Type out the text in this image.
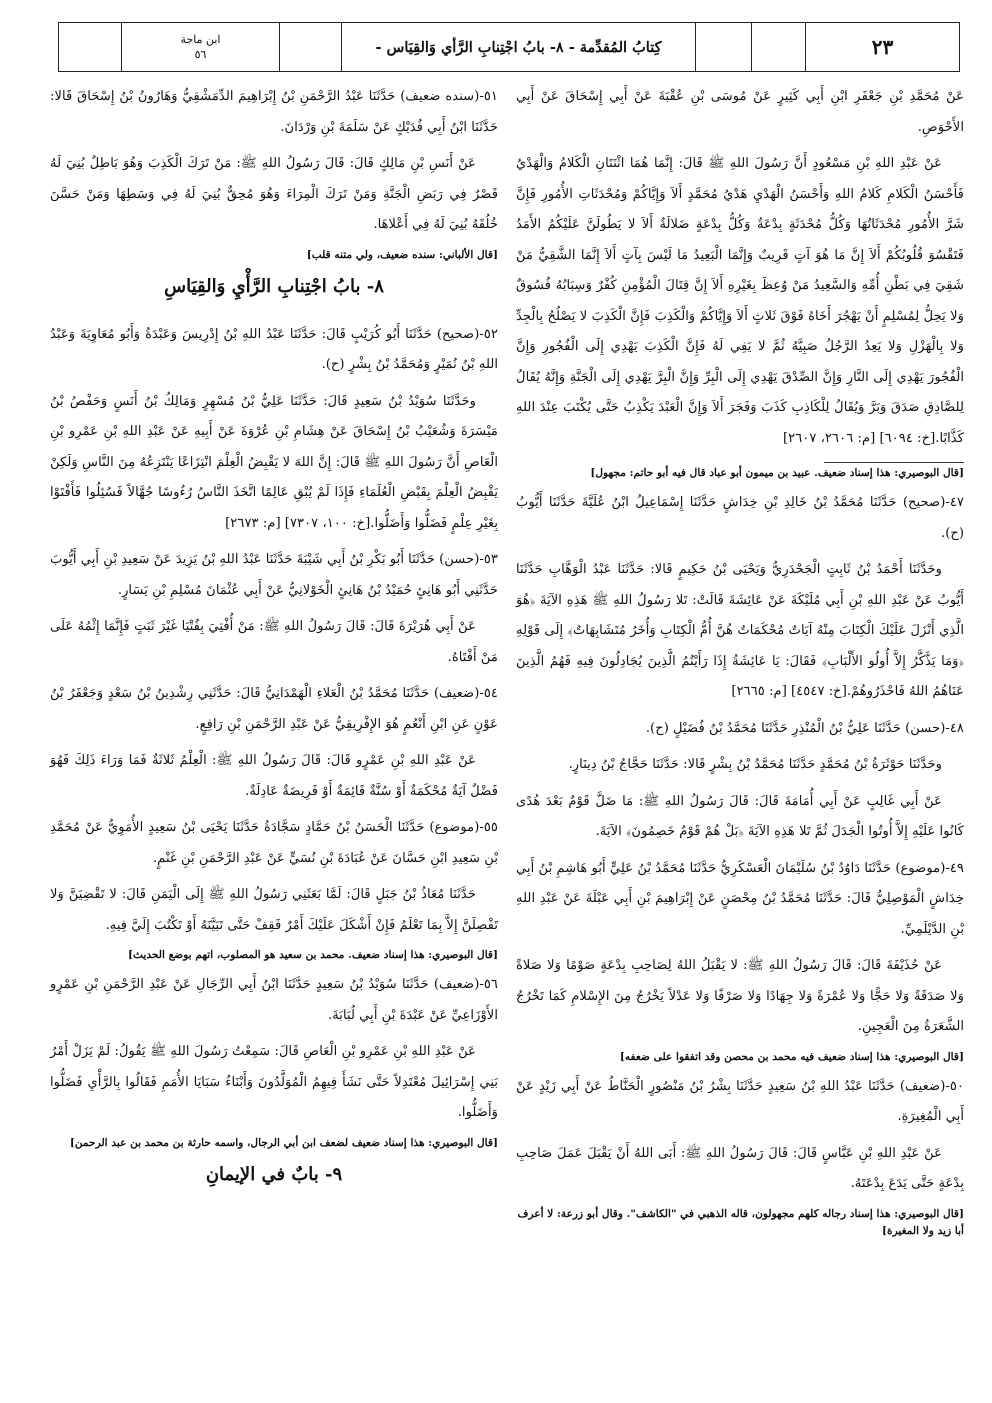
ابن ماجة
٥٦	كِتابُ المُقدِّمة - ٨- بابُ اجْتِنابِ الرَّأي وَالقِيَاس -	٢٣

عَنْ مُحَمَّدِ بْنِ جَعْفَرِ ابْنِ أَبِي كَثِيرٍ عَنْ مُوسَى بْنِ عُقْبَةَ عَنْ أَبِي إِسْحَاقَ عَنْ أَبِي الأَحْوَصِ.

عَنْ عَبْدِ اللهِ بْنِ مَسْعُودٍ أَنَّ رَسُولَ اللهِ ﷺ قَالَ: إِنَّمَا هُمَا اثْنَتَانِ الْكَلامُ وَالْهَدْيُ فَأَحْسَنُ الْكَلامِ كَلامُ اللهِ وَأَحْسَنُ الْهَدْيِ هَدْيُ مُحَمَّدٍ أَلاَ وَإِيَّاكُمْ وَمُحْدَثَاتِ الأُمُورِ فَإِنَّ شَرَّ الأُمُورِ مُحْدَثَاتُهَا وَكُلُّ مُحْدَثَةٍ بِدْعَةٌ وَكُلُّ بِدْعَةٍ ضَلالَةٌ أَلاَ لا يَطُولَنَّ عَلَيْكُمُ الأَمَدُ فَتَقْسُوَ قُلُوبُكُمْ أَلاَ إِنَّ مَا هُوَ آتٍ قَرِيبٌ وَإِنَّمَا الْبَعِيدُ مَا لَيْسَ بِآتٍ أَلاَ إِنَّمَا الشَّقِيُّ مَنْ شَقِيَ فِي بَطْنِ أُمِّهِ وَالسَّعِيدُ مَنْ وُعِظَ بِغَيْرِهِ أَلاَ إِنَّ قِتَالَ الْمُؤْمِنِ كُفْرٌ وَسِبَابُهُ فُسُوقٌ وَلا يَحِلُّ لِمُسْلِمٍ أَنْ يَهْجُرَ أَخَاهُ فَوْقَ ثَلاثٍ أَلاَ وَإِيَّاكُمْ وَالْكَذِبَ فَإِنَّ الْكَذِبَ لا يَصْلُحُ بِالْجِدِّ وَلا بِالْهَزْلِ وَلا يَعِدُ الرَّجُلُ صَبِيَّهُ ثُمَّ لا يَفِي لَهُ فَإِنَّ الْكَذِبَ يَهْدِي إِلَى الْفُجُورِ وَإِنَّ الْفُجُورَ يَهْدِي إِلَى النَّارِ وَإِنَّ الصِّدْقَ يَهْدِي إِلَى الْبِرِّ وَإِنَّ الْبِرَّ يَهْدِي إِلَى الْجَنَّةِ وَإِنَّهُ يُقَالُ لِلصَّادِقِ صَدَقَ وَبَرَّ وَيُقَالُ لِلْكَاذِبِ كَذَبَ وَفَجَرَ أَلاَ وَإِنَّ الْعَبْدَ يَكْذِبُ حَتَّى يُكْتَبَ عِنْدَ اللهِ كَذَّابًا.[خ: ٦٠٩٤] [م: ٢٦٠٦، ٢٦٠٧]

[قال البوصيري: هذا إسناد ضعيف. عبيد بن ميمون أبو عباد قال فيه أبو حاتم: مجهول]

٤٧-(صحيح) حَدَّثَنَا مُحَمَّدُ بْنُ خَالِدِ بْنِ خِدَاشٍ حَدَّثَنَا إِسْمَاعِيلُ ابْنُ عُلَيَّةَ حَدَّثَنَا أَيُّوبُ (ح).

وحَدَّثَنَا أَحْمَدُ بْنُ ثَابِتٍ الْجَحْدَرِيُّ وَيَحْيَى بْنُ حَكِيمٍ قَالا: حَدَّثَنَا عَبْدُ الْوَهَّابِ حَدَّثَنَا أَيُّوبُ عَنْ عَبْدِ اللهِ بْنِ أَبِي مُلَيْكَةَ عَنْ عَائِشَةَ قَالَتْ: تَلا رَسُولُ اللهِ ﷺ هَذِهِ الآيَةَ ﴿هُوَ الَّذِي أَنْزَلَ عَلَيْكَ الْكِتَابَ مِنْهُ آيَاتٌ مُحْكَمَاتٌ هُنَّ أُمُّ الْكِتَابِ وَأُخَرُ مُتَشَابِهَاتٌ﴾ إِلَى قَوْلِهِ ﴿وَمَا يَذَّكَّرُ إِلاَّ أُولُو الأَلْبَابِ﴾ فَقَالَ: يَا عَائِشَةُ إِذَا رَأَيْتُمُ الَّذِينَ يُجَادِلُونَ فِيهِ فَهُمُ الَّذِينَ عَنَاهُمُ اللهُ فَاحْذَرُوهُمْ.[خ: ٤٥٤٧] [م: ٢٦٦٥]

٤٨-(حسن) حَدَّثَنَا عَلِيُّ بْنُ الْمُنْذِرِ حَدَّثَنَا مُحَمَّدُ بْنُ فُضَيْلٍ (ح).

وحَدَّثَنَا حَوْثَرَةُ بْنُ مُحَمَّدٍ حَدَّثَنَا مُحَمَّدُ بْنُ بِشْرٍ قَالا: حَدَّثَنَا حَجَّاجُ بْنُ دِينَارٍ.

عَنْ أَبِي غَالِبٍ عَنْ أَبِي أُمَامَةَ قَالَ: قَالَ رَسُولُ اللهِ ﷺ: مَا ضَلَّ قَوْمٌ بَعْدَ هُدًى كَانُوا عَلَيْهِ إِلاَّ أُوتُوا الْجَدَلَ ثُمَّ تَلا هَذِهِ الآيَةَ ﴿بَلْ هُمْ قَوْمٌ خَصِمُونَ﴾ الآيَةَ.

٤٩-(موضوع) حَدَّثَنَا دَاوُدُ بْنُ سُلَيْمَانَ الْعَسْكَرِيُّ حَدَّثَنَا مُحَمَّدُ بْنُ عَلِيٍّ أَبُو هَاشِمِ بْنُ أَبِي خِدَاشٍ الْمَوْصِلِيُّ قَالَ: حَدَّثَنَا مُحَمَّدُ بْنُ مِحْصَنٍ عَنْ إِبْرَاهِيمَ بْنِ أَبِي عَبْلَةَ عَنْ عَبْدِ اللهِ بْنِ الدَّيْلَمِيِّ.

عَنْ حُذَيْفَةَ قَالَ: قَالَ رَسُولُ اللهِ ﷺ: لا يَقْبَلُ اللهُ لِصَاحِبِ بِدْعَةٍ صَوْمًا وَلا صَلاةً وَلا صَدَقَةً وَلا حَجًّا وَلا عُمْرَةً وَلا جِهَادًا وَلا صَرْفًا وَلا عَدْلاً يَخْرُجُ مِنَ الإِسْلامِ كَمَا تَخْرُجُ الشَّعَرَةُ مِنَ الْعَجِينِ.

[قال البوصيري: هذا إسناد ضعيف فيه محمد بن محصن وقد اتفقوا على ضعفه]

٥٠-(ضعيف) حَدَّثَنَا عَبْدُ اللهِ بْنُ سَعِيدٍ حَدَّثَنَا بِشْرُ بْنُ مَنْصُورٍ الْحَنَّاطُ عَنْ أَبِي زَيْدٍ عَنْ أَبِي الْمُغِيرَةِ.

عَنْ عَبْدِ اللهِ بْنِ عَبَّاسٍ قَالَ: قَالَ رَسُولُ اللهِ ﷺ: أَبَى اللهُ أَنْ يَقْبَلَ عَمَلَ صَاحِبِ بِدْعَةٍ حَتَّى يَدَعَ بِدْعَتَهُ.

[قال البوصيري: هذا إسناد رجاله كلهم مجهولون، قاله الذهبي في "الكاشف". وقال أبو زرعة: لا أعرف أبا زيد ولا المغيرة]

٥١-(سنده ضعيف) حَدَّثَنَا عَبْدُ الرَّحْمَنِ بْنُ إِبْرَاهِيمَ الدِّمَشْقِيُّ وَهَارُونُ بْنُ إِسْحَاقَ قَالا: حَدَّثَنَا ابْنُ أَبِي فُدَيْكٍ عَنْ سَلَمَةَ بْنِ وَرْدَانَ.

عَنْ أَنَسِ بْنِ مَالِكٍ قَالَ: قَالَ رَسُولُ اللهِ ﷺ: مَنْ تَرَكَ الْكَذِبَ وَهُوَ بَاطِلٌ بُنِيَ لَهُ قَصْرٌ فِي رَبَضِ الْجَنَّةِ وَمَنْ تَرَكَ الْمِرَاءَ وَهُوَ مُحِقٌّ بُنِيَ لَهُ فِي وَسَطِهَا وَمَنْ حَسَّنَ خُلُقَهُ بُنِيَ لَهُ فِي أَعْلاهَا.

[قال الألباني: سنده ضعيف، ولي متنه قلب]
٨- بابُ اجْتِنابِ الرَّأْيِ وَالقِيَاسِ

٥٢-(صحيح) حَدَّثَنَا أَبُو كُرَيْبٍ قَالَ: حَدَّثَنَا عَبْدُ اللهِ بْنُ إِدْرِيسَ وَعَبْدَةُ وَأَبُو مُعَاوِيَةَ وَعَبْدُ اللهِ بْنُ نُمَيْرٍ وَمُحَمَّدُ بْنُ بِشْرٍ (ح).

وحَدَّثَنَا سُوَيْدُ بْنُ سَعِيدٍ قَالَ: حَدَّثَنَا عَلِيُّ بْنُ مُسْهِرٍ وَمَالِكُ بْنُ أَنَسٍ وَحَفْصُ بْنُ مَيْسَرَةَ وَشُعَيْبُ بْنُ إِسْحَاقَ عَنْ هِشَامِ بْنِ عُرْوَةَ عَنْ أَبِيهِ عَنْ عَبْدِ اللهِ بْنِ عَمْرِو بْنِ الْعَاصِ أَنَّ رَسُولَ اللهِ ﷺ قَالَ: إِنَّ اللهَ لا يَقْبِضُ الْعِلْمَ انْتِزَاعًا يَنْتَزِعُهُ مِنَ النَّاسِ وَلَكِنْ يَقْبِضُ الْعِلْمَ بِقَبْضِ الْعُلَمَاءِ فَإِذَا لَمْ يُبْقِ عَالِمًا اتَّخَذَ النَّاسُ رُءُوسًا جُهَّالاً فَسُئِلُوا فَأَفْتَوْا بِغَيْرِ عِلْمٍ فَضَلُّوا وَأَضَلُّوا.[خ: ١٠٠، ٧٣٠٧] [م: ٢٦٧٣]

٥٣-(حسن) حَدَّثَنَا أَبُو بَكْرِ بْنُ أَبِي شَيْبَةَ حَدَّثَنَا عَبْدُ اللهِ بْنُ يَزِيدَ عَنْ سَعِيدِ بْنِ أَبِي أَيُّوبَ حَدَّثَنِي أَبُو هَانِئٍ حُمَيْدُ بْنُ هَانِئٍ الْخَوْلانِيُّ عَنْ أَبِي عُثْمَانَ مُسْلِمِ بْنِ يَسَارٍ.

عَنْ أَبِي هُرَيْرَةَ قَالَ: قَالَ رَسُولُ اللهِ ﷺ: مَنْ أُفْتِيَ بِفُتْيَا غَيْرَ ثَبَتٍ فَإِنَّمَا إِثْمُهُ عَلَى مَنْ أَفْتَاهُ.

٥٤-(ضعيف) حَدَّثَنَا مُحَمَّدُ بْنُ الْعَلاءِ الْهَمْدَانِيُّ قَالَ: حَدَّثَنِي رِشْدِينُ بْنُ سَعْدٍ وَجَعْفَرُ بْنُ عَوْنٍ عَنِ ابْنِ أَنْعُمٍ هُوَ الإِفْرِيقِيُّ عَنْ عَبْدِ الرَّحْمَنِ بْنِ رَافِعٍ.

عَنْ عَبْدِ اللهِ بْنِ عَمْرٍو قَالَ: قَالَ رَسُولُ اللهِ ﷺ: الْعِلْمُ ثَلاثَةٌ فَمَا وَرَاءَ ذَلِكَ فَهُوَ فَضْلٌ آيَةٌ مُحْكَمَةٌ أَوْ سُنَّةٌ قَائِمَةٌ أَوْ فَرِيضَةٌ عَادِلَةٌ.

٥٥-(موضوع) حَدَّثَنَا الْحَسَنُ بْنُ حَمَّادٍ سَجَّادَةُ حَدَّثَنَا يَحْيَى بْنُ سَعِيدٍ الأُمَوِيُّ عَنْ مُحَمَّدِ بْنِ سَعِيدِ ابْنِ حَسَّانَ عَنْ عُبَادَةَ بْنِ نُسَيٍّ عَنْ عَبْدِ الرَّحْمَنِ بْنِ غَنْمٍ.

حَدَّثَنَا مُعَاذُ بْنُ جَبَلٍ قَالَ: لَمَّا بَعَثَنِي رَسُولُ اللهِ ﷺ إِلَى الْيَمَنِ قَالَ: لا تَقْضِيَنَّ وَلا تَفْصِلَنَّ إِلاَّ بِمَا تَعْلَمُ فَإِنْ أَشْكَلَ عَلَيْكَ أَمْرٌ فَقِفْ حَتَّى تَبَيَّنَهُ أَوْ تَكْتُبَ إِلَيَّ فِيهِ.

[قال البوصيري: هذا إسناد ضعيف. محمد بن سعيد هو المصلوب، اتهم بوضع الحديث]

٥٦-(ضعيف) حَدَّثَنَا سُوَيْدُ بْنُ سَعِيدٍ حَدَّثَنَا ابْنُ أَبِي الرِّجَالِ عَنْ عَبْدِ الرَّحْمَنِ بْنِ عَمْرٍو الأَوْزَاعِيِّ عَنْ عَبْدَةَ بْنِ أَبِي لُبَابَةَ.

عَنْ عَبْدِ اللهِ بْنِ عَمْرِو بْنِ الْعَاصِ قَالَ: سَمِعْتُ رَسُولَ اللهِ ﷺ يَقُولُ: لَمْ يَزَلْ أَمْرُ بَنِي إِسْرَائِيلَ مُعْتَدِلاً حَتَّى نَشَأَ فِيهِمُ الْمُوَلَّدُونَ وَأَبْنَاءُ سَبَايَا الأُمَمِ فَقَالُوا بِالرَّأْيِ فَضَلُّوا وَأَضَلُّوا.

[قال البوصيري: هذا إسناد ضعيف لضعف ابن أبي الرجال، واسمه حارثة بن محمد بن عبد الرحمن]
٩- بابٌ في الإيمانِ
